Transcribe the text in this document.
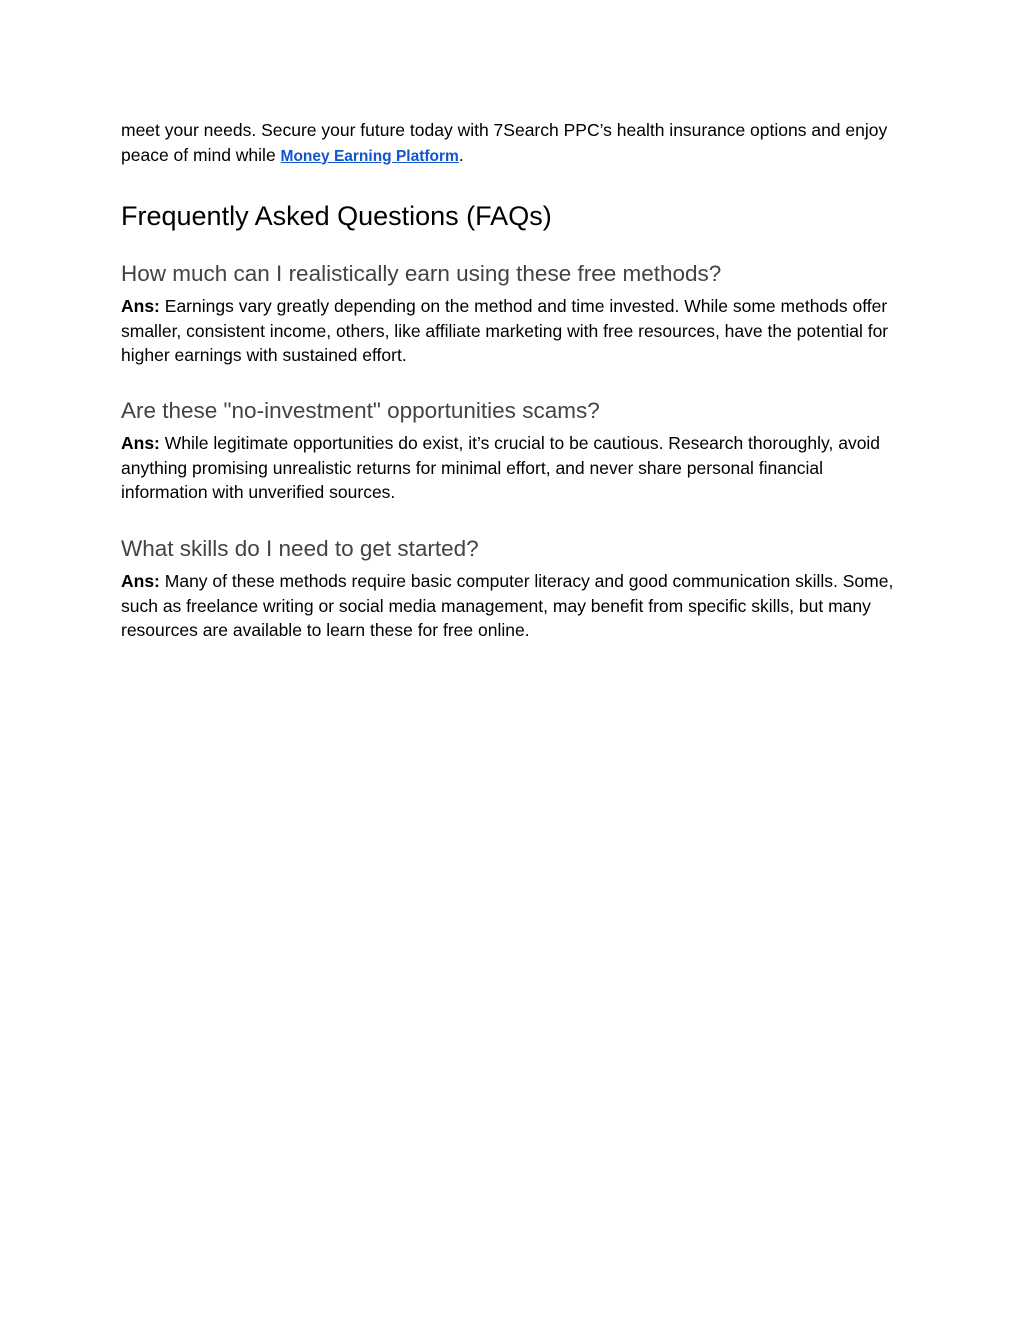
meet your needs. Secure your future today with 7Search PPC’s health insurance options and enjoy peace of mind while Money Earning Platform.

Frequently Asked Questions (FAQs)
How much can I realistically earn using these free methods?

Ans: Earnings vary greatly depending on the method and time invested. While some methods offer smaller, consistent income, others, like affiliate marketing with free resources, have the potential for higher earnings with sustained effort.

Are these "no-investment" opportunities scams?

Ans: While legitimate opportunities do exist, it’s crucial to be cautious. Research thoroughly, avoid anything promising unrealistic returns for minimal effort, and never share personal financial information with unverified sources.

What skills do I need to get started?

Ans: Many of these methods require basic computer literacy and good communication skills. Some, such as freelance writing or social media management, may benefit from specific skills, but many resources are available to learn these for free online.
